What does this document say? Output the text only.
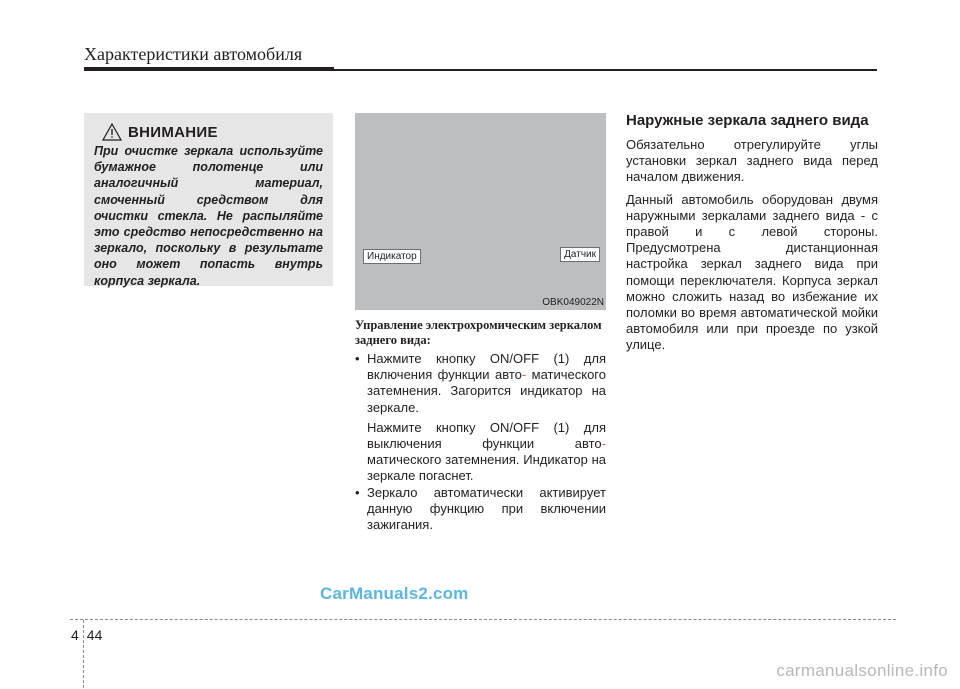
Характеристики автомобиля
ВНИМАНИЕ
При очистке зеркала используйте бумажное полотенце или аналогичный материал, смоченный средством для очистки стекла. Не распыляйте это средство непосредственно на зеркало, поскольку в результате оно может попасть внутрь корпуса зеркала.
Индикатор	Датчик
OBK049022N
Управление электрохромическим зеркалом заднего вида:
• Нажмите кнопку ON/OFF (1) для включения функции авто- матического затемнения. Загорится индикатор на зеркале.
Нажмите кнопку ON/OFF (1) для выключения функции авто- матического затемнения. Индикатор на зеркале погаснет.
• Зеркало автоматически активирует данную функцию при включении зажигания.
Наружные зеркала заднего вида
Обязательно отрегулируйте углы установки зеркал заднего вида перед началом движения.
Данный автомобиль оборудован двумя наружными зеркалами заднего вида - с правой и с левой стороны. Предусмотрена дистанционная настройка зеркал заднего вида при помощи переключателя. Корпуса зеркал можно сложить назад во избежание их поломки во время автоматической мойки автомобиля или при проезде по узкой улице.
CarManuals2.com
4 44
carmanualsonline.info
